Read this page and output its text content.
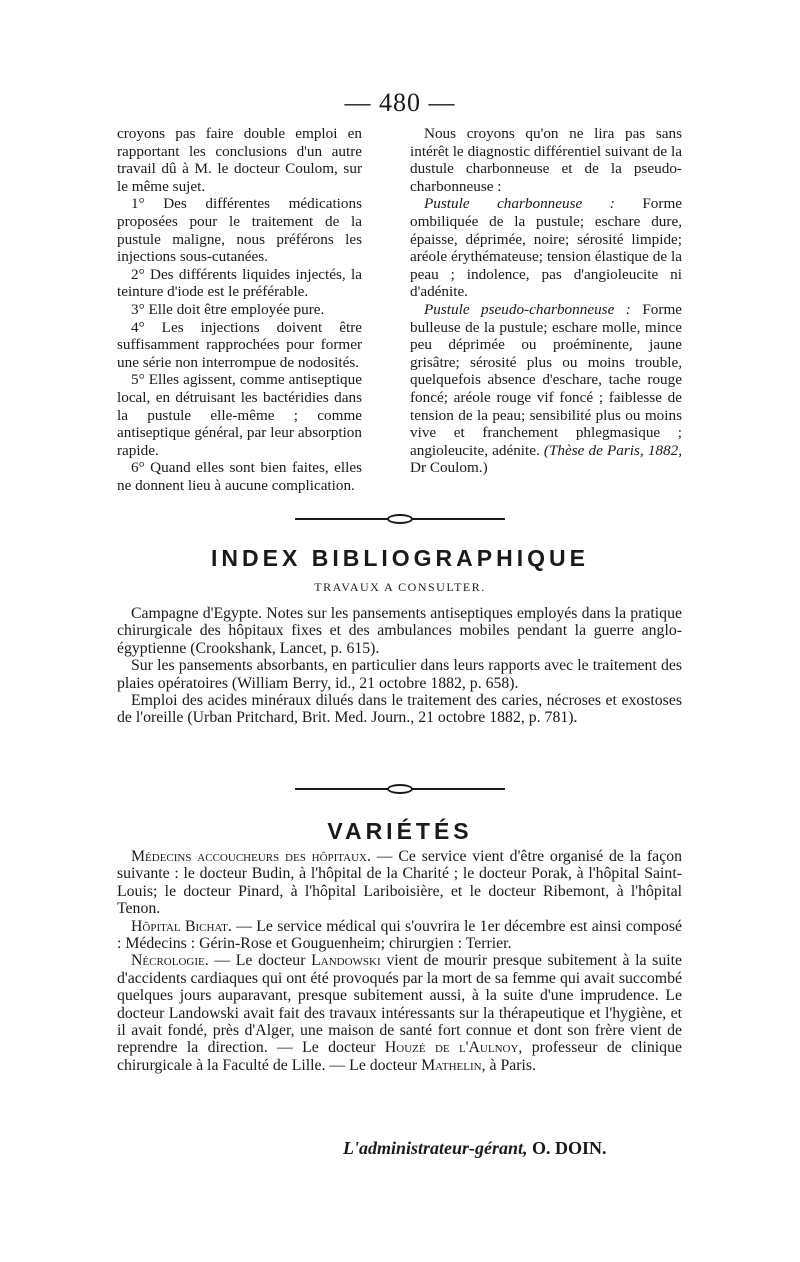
— 480 —

croyons pas faire double emploi en rapportant les conclusions d'un autre travail dû à M. le docteur Coulom, sur le même sujet.

1° Des différentes médications proposées pour le traitement de la pustule maligne, nous préférons les injections sous-cutanées.

2° Des différents liquides injectés, la teinture d'iode est le préférable.

3° Elle doit être employée pure.

4° Les injections doivent être suffisamment rapprochées pour former une série non interrompue de nodosités.

5° Elles agissent, comme antiseptique local, en détruisant les bactéridies dans la pustule elle-même ; comme antiseptique général, par leur absorption rapide.

6° Quand elles sont bien faites, elles ne donnent lieu à aucune complication.

Nous croyons qu'on ne lira pas sans intérêt le diagnostic différentiel suivant de la dustule charbonneuse et de la pseudo-charbonneuse :

Pustule charbonneuse : Forme ombiliquée de la pustule; eschare dure, épaisse, déprimée, noire; sérosité limpide; aréole érythémateuse; tension élastique de la peau ; indolence, pas d'angioleucite ni d'adénite.

Pustule pseudo-charbonneuse : Forme bulleuse de la pustule; eschare molle, mince peu déprimée ou proéminente, jaune grisâtre; sérosité plus ou moins trouble, quelquefois absence d'eschare, tache rouge foncé; aréole rouge vif foncé ; faiblesse de tension de la peau; sensibilité plus ou moins vive et franchement phlegmasique ; angioleucite, adénite. (Thèse de Paris, 1882, Dr Coulom.)

INDEX BIBLIOGRAPHIQUE
TRAVAUX A CONSULTER.

Campagne d'Egypte. Notes sur les pansements antiseptiques employés dans la pratique chirurgicale des hôpitaux fixes et des ambulances mobiles pendant la guerre anglo-égyptienne (Crookshank, Lancet, p. 615).

Sur les pansements absorbants, en particulier dans leurs rapports avec le traitement des plaies opératoires (William Berry, id., 21 octobre 1882, p. 658).

Emploi des acides minéraux dilués dans le traitement des caries, nécroses et exostoses de l'oreille (Urban Pritchard, Brit. Med. Journ., 21 octobre 1882, p. 781).

VARIÉTÉS

Médecins accoucheurs des hôpitaux. — Ce service vient d'être organisé de la façon suivante : le docteur Budin, à l'hôpital de la Charité ; le docteur Porak, à l'hôpital Saint-Louis; le docteur Pinard, à l'hôpital Lariboisière, et le docteur Ribemont, à l'hôpital Tenon.

Hôpital Bichat. — Le service médical qui s'ouvrira le 1er décembre est ainsi composé : Médecins : Gérin-Rose et Gouguenheim; chirurgien : Terrier.

Nécrologie. — Le docteur Landowski vient de mourir presque subitement à la suite d'accidents cardiaques qui ont été provoqués par la mort de sa femme qui avait succombé quelques jours auparavant, presque subitement aussi, à la suite d'une imprudence. Le docteur Landowski avait fait des travaux intéressants sur la thérapeutique et l'hygiène, et il avait fondé, près d'Alger, une maison de santé fort connue et dont son frère vient de reprendre la direction. — Le docteur Houzé de l'Aulnoy, professeur de clinique chirurgicale à la Faculté de Lille. — Le docteur Mathelin, à Paris.

L'administrateur-gérant, O. DOIN.
